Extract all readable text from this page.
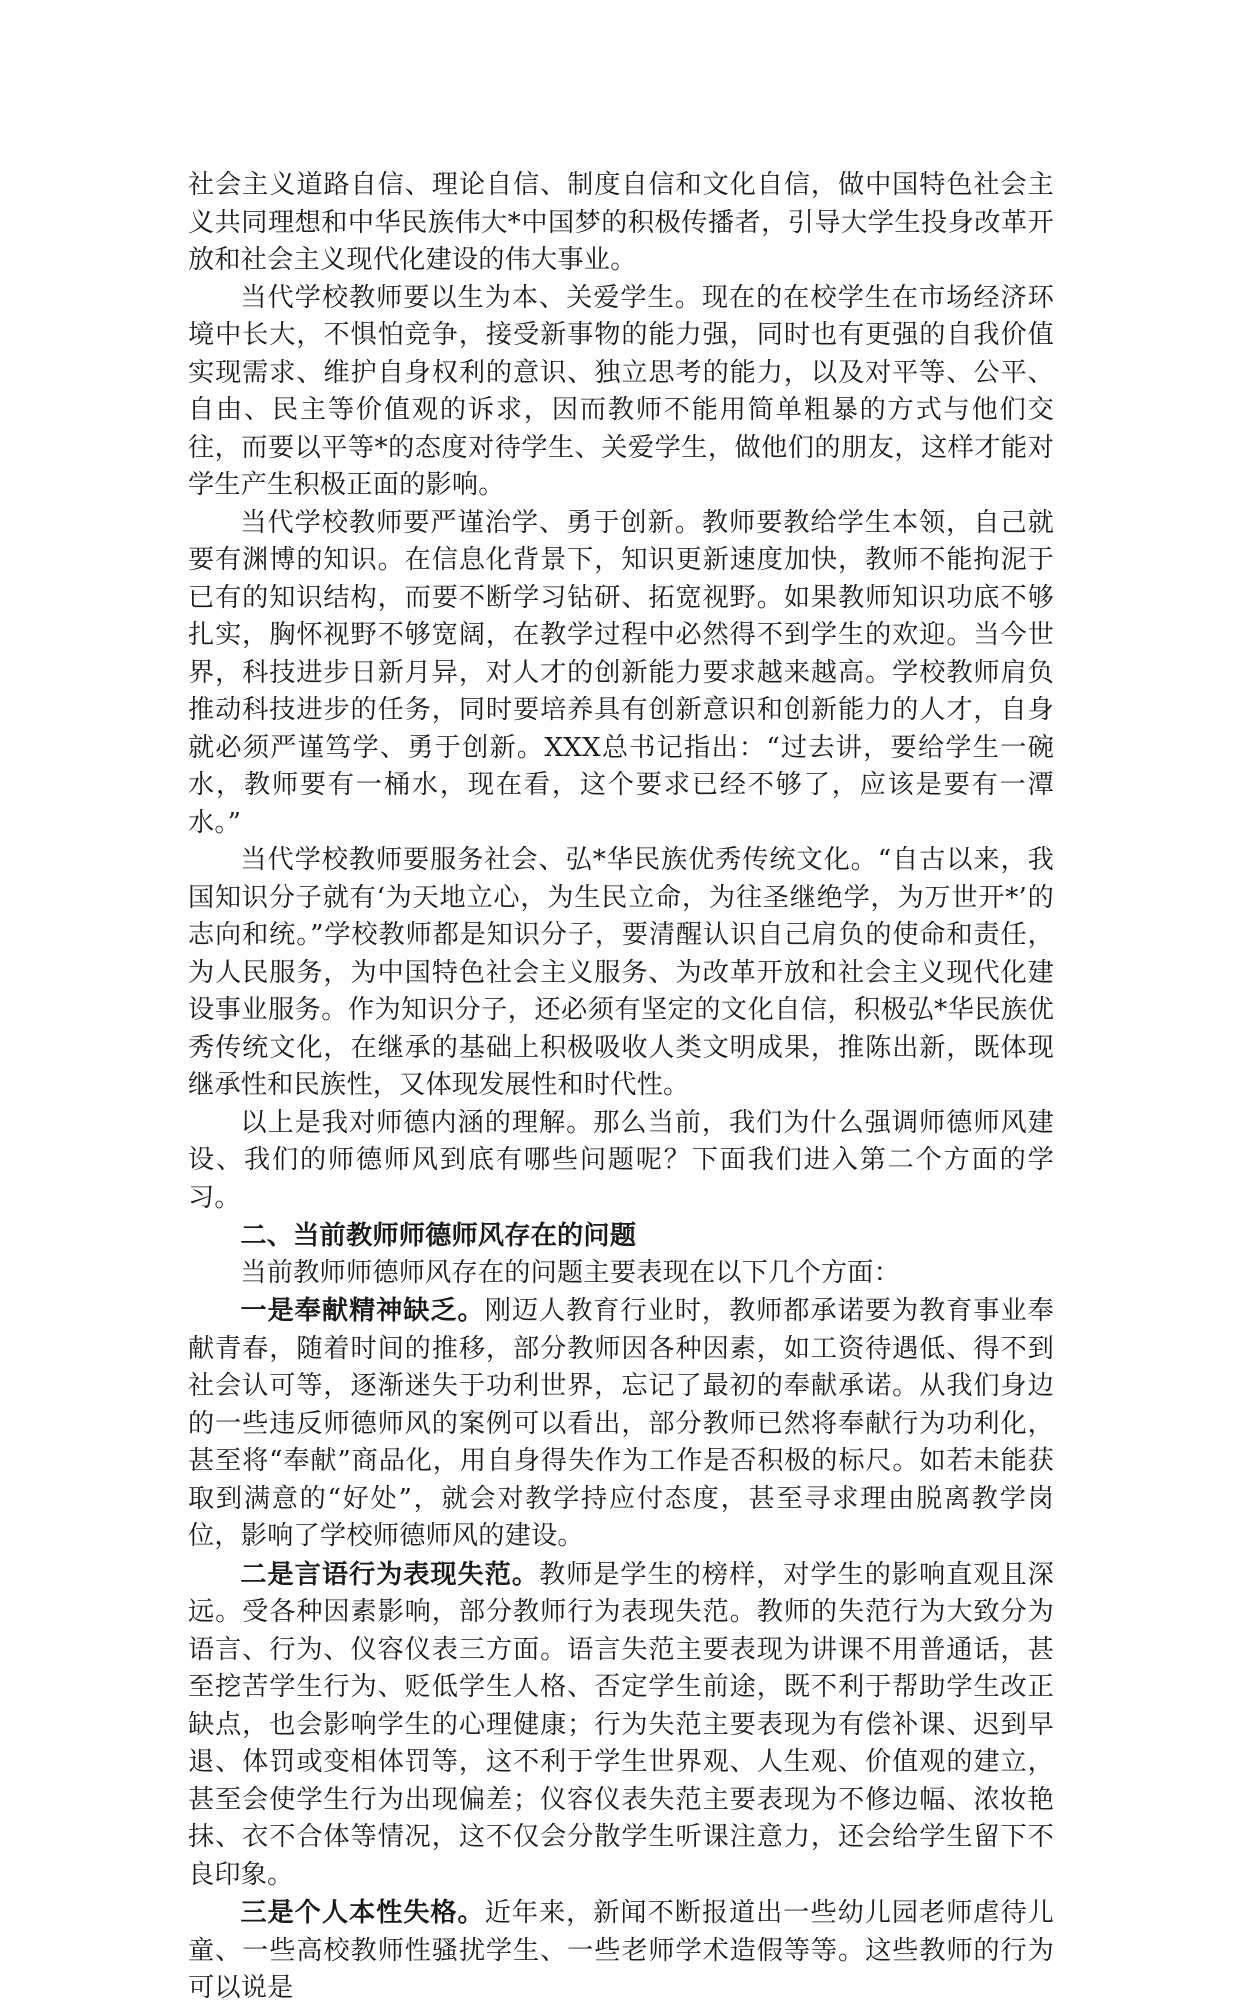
社会主义道路自信、理论自信、制度自信和文化自信，做中国特色社会主义共同理想和中华民族伟大*中国梦的积极传播者，引导大学生投身改革开放和社会主义现代化建设的伟大事业。

当代学校教师要以生为本、关爱学生。现在的在校学生在市场经济环境中长大，不惧怕竞争，接受新事物的能力强，同时也有更强的自我价值实现需求、维护自身权利的意识、独立思考的能力，以及对平等、公平、自由、民主等价值观的诉求，因而教师不能用简单粗暴的方式与他们交往，而要以平等*的态度对待学生、关爱学生，做他们的朋友，这样才能对学生产生积极正面的影响。

当代学校教师要严谨治学、勇于创新。教师要教给学生本领，自己就要有渊博的知识。在信息化背景下，知识更新速度加快，教师不能拘泥于已有的知识结构，而要不断学习钻研、拓宽视野。如果教师知识功底不够扎实，胸怀视野不够宽阔，在教学过程中必然得不到学生的欢迎。当今世界，科技进步日新月异，对人才的创新能力要求越来越高。学校教师肩负推动科技进步的任务，同时要培养具有创新意识和创新能力的人才，自身就必须严谨笃学、勇于创新。XXX总书记指出：“过去讲，要给学生一碗水，教师要有一桶水，现在看，这个要求已经不够了，应该是要有一潭水。”

当代学校教师要服务社会、弘*华民族优秀传统文化。“自古以来，我国知识分子就有‘为天地立心，为生民立命，为往圣继绝学，为万世开*’的志向和统。”学校教师都是知识分子，要清醒认识自己肩负的使命和责任，为人民服务，为中国特色社会主义服务、为改革开放和社会主义现代化建设事业服务。作为知识分子，还必须有坚定的文化自信，积极弘*华民族优秀传统文化，在继承的基础上积极吸收人类文明成果，推陈出新，既体现继承性和民族性，又体现发展性和时代性。

以上是我对师德内涵的理解。那么当前，我们为什么强调师德师风建设、我们的师德师风到底有哪些问题呢？下面我们进入第二个方面的学习。

二、当前教师师德师风存在的问题

当前教师师德师风存在的问题主要表现在以下几个方面：

一是奉献精神缺乏。刚迈人教育行业时，教师都承诺要为教育事业奉献青春，随着时间的推移，部分教师因各种因素，如工资待遇低、得不到社会认可等，逐渐迷失于功利世界，忘记了最初的奉献承诺。从我们身边的一些违反师德师风的案例可以看出，部分教师已然将奉献行为功利化，甚至将“奉献”商品化，用自身得失作为工作是否积极的标尺。如若未能获取到满意的“好处”，就会对教学持应付态度，甚至寻求理由脱离教学岗位，影响了学校师德师风的建设。

二是言语行为表现失范。教师是学生的榜样，对学生的影响直观且深远。受各种因素影响，部分教师行为表现失范。教师的失范行为大致分为语言、行为、仪容仪表三方面。语言失范主要表现为讲课不用普通话，甚至挖苦学生行为、贬低学生人格、否定学生前途，既不利于帮助学生改正缺点，也会影响学生的心理健康；行为失范主要表现为有偿补课、迟到早退、体罚或变相体罚等，这不利于学生世界观、人生观、价值观的建立，甚至会使学生行为出现偏差；仪容仪表失范主要表现为不修边幅、浓妆艳抹、衣不合体等情况，这不仅会分散学生听课注意力，还会给学生留下不良印象。

三是个人本性失格。近年来，新闻不断报道出一些幼儿园老师虐待儿童、一些高校教师性骚扰学生、一些老师学术造假等等。这些教师的行为可以说是
